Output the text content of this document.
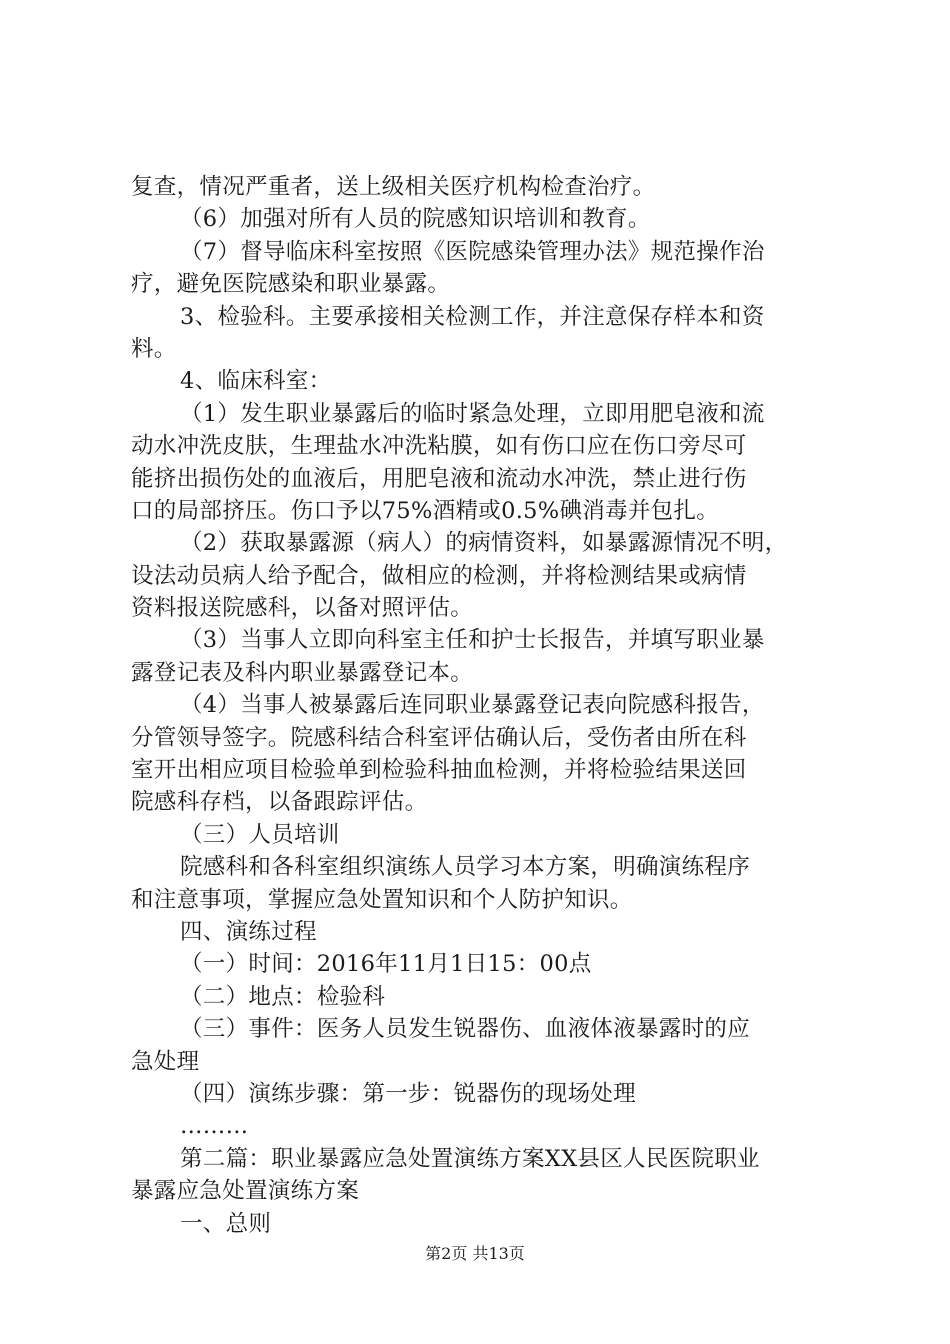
复查，情况严重者，送上级相关医疗机构检查治疗。
（6）加强对所有人员的院感知识培训和教育。
（7）督导临床科室按照《医院感染管理办法》规范操作治
疗，避免医院感染和职业暴露。
3、检验科。主要承接相关检测工作，并注意保存样本和资
料。
4、临床科室：
（1）发生职业暴露后的临时紧急处理，立即用肥皂液和流
动水冲洗皮肤，生理盐水冲洗粘膜，如有伤口应在伤口旁尽可
能挤出损伤处的血液后，用肥皂液和流动水冲洗，禁止进行伤
口的局部挤压。伤口予以75%酒精或0.5%碘消毒并包扎。
（2）获取暴露源（病人）的病情资料，如暴露源情况不明，
设法动员病人给予配合，做相应的检测，并将检测结果或病情
资料报送院感科，以备对照评估。
（3）当事人立即向科室主任和护士长报告，并填写职业暴
露登记表及科内职业暴露登记本。
（4）当事人被暴露后连同职业暴露登记表向院感科报告，
分管领导签字。院感科结合科室评估确认后，受伤者由所在科
室开出相应项目检验单到检验科抽血检测，并将检验结果送回
院感科存档，以备跟踪评估。
（三）人员培训
院感科和各科室组织演练人员学习本方案，明确演练程序
和注意事项，掌握应急处置知识和个人防护知识。
四、演练过程
（一）时间：2016年11月1日15：00点
（二）地点：检验科
（三）事件：医务人员发生锐器伤、血液体液暴露时的应
急处理
（四）演练步骤：第一步：锐器伤的现场处理
………
第二篇：职业暴露应急处置演练方案XX县区人民医院职业
暴露应急处置演练方案
一、总则
第2页 共13页
